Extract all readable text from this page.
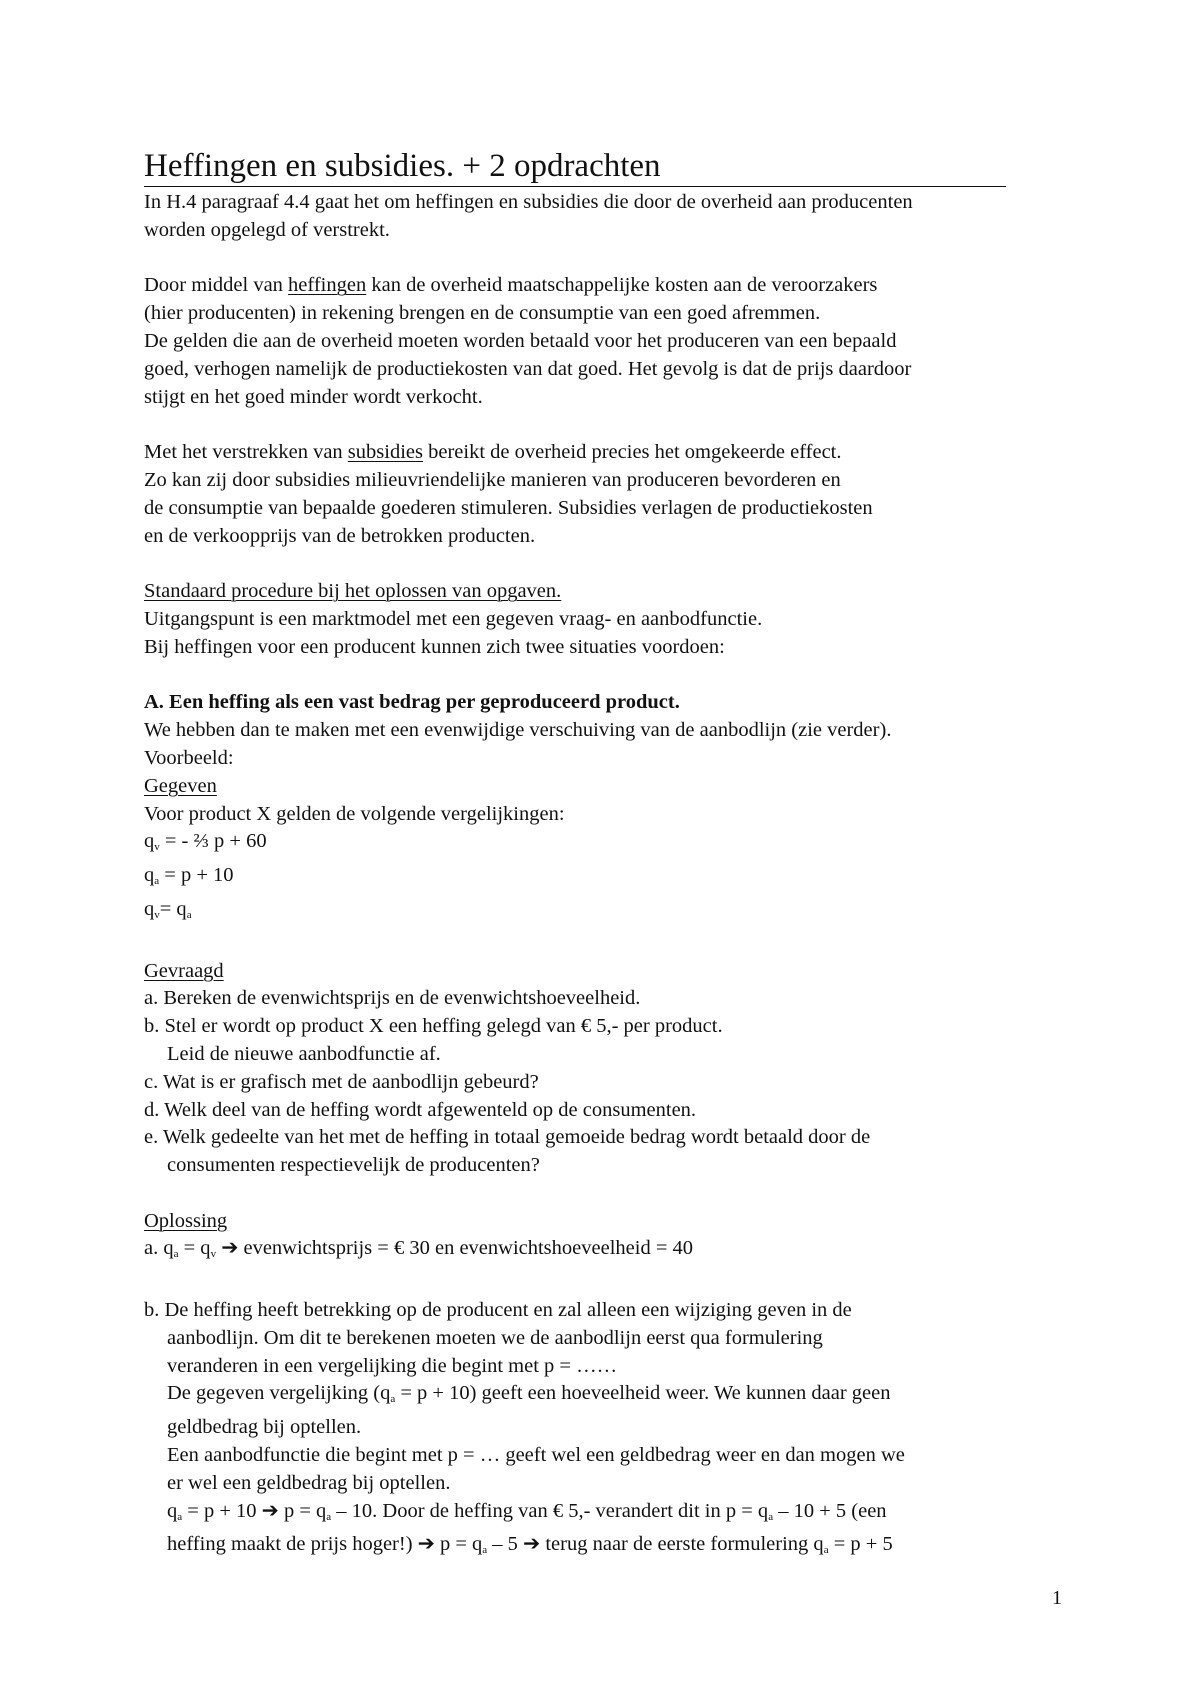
Heffingen en subsidies. + 2 opdrachten
In H.4 paragraaf 4.4 gaat het om heffingen en subsidies die door de overheid aan producenten
worden opgelegd of verstrekt.
Door middel van heffingen kan de overheid maatschappelijke kosten aan de veroorzakers
(hier producenten) in rekening brengen en de consumptie van een goed afremmen.
De gelden die aan de overheid moeten worden betaald voor het produceren van een bepaald
goed, verhogen namelijk de productiekosten van dat goed. Het gevolg is dat de prijs daardoor
stijgt en het goed minder wordt verkocht.
Met het verstrekken van subsidies bereikt de overheid precies het omgekeerde effect.
Zo kan zij door subsidies milieuvriendelijke manieren van produceren bevorderen en
de consumptie van bepaalde goederen stimuleren. Subsidies verlagen de productiekosten
en de verkoopprijs van de betrokken producten.
Standaard procedure bij het oplossen van opgaven.
Uitgangspunt is een marktmodel met een gegeven vraag- en aanbodfunctie.
Bij heffingen voor een producent kunnen zich twee situaties voordoen:
A. Een heffing als een vast bedrag per geproduceerd product.
We hebben dan te maken met een evenwijdige verschuiving van de aanbodlijn (zie verder).
Voorbeeld:
Gegeven
Voor product X gelden de volgende vergelijkingen:
$q_v$ = - ⅔ p + 60
$q_a = p + 10$
$q_v= q_a$
Gevraagd
a. Bereken de evenwichtsprijs en de evenwichtshoeveelheid.
b. Stel er wordt op product X een heffing gelegd van € 5,- per product.
Leid de nieuwe aanbodfunctie af.
c. Wat is er grafisch met de aanbodlijn gebeurd?
d. Welk deel van de heffing wordt afgewenteld op de consumenten.
e. Welk gedeelte van het met de heffing in totaal gemoeide bedrag wordt betaald door de
consumenten respectievelijk de producenten?
Oplossing
a. $q_a = q_v$ ➔ evenwichtsprijs = € 30 en evenwichtshoeveelheid = 40
b. De heffing heeft betrekking op de producent en zal alleen een wijziging geven in de
aanbodlijn. Om dit te berekenen moeten we de aanbodlijn eerst qua formulering
veranderen in een vergelijking die begint met p = ……
De gegeven vergelijking $(q_a = p + 10)$ geeft een hoeveelheid weer. We kunnen daar geen
geldbedrag bij optellen.
Een aanbodfunctie die begint met p = … geeft wel een geldbedrag weer en dan mogen we
er wel een geldbedrag bij optellen.
$q_a = p + 10$ ➔ $p = q_a - 10$. Door de heffing van € 5,- verandert dit in $p = q_a - 10 + 5$ (een
heffing maakt de prijs hoger!) ➔ $p = q_a - 5$ ➔ terug naar de eerste formulering $q_a = p + 5$
1
